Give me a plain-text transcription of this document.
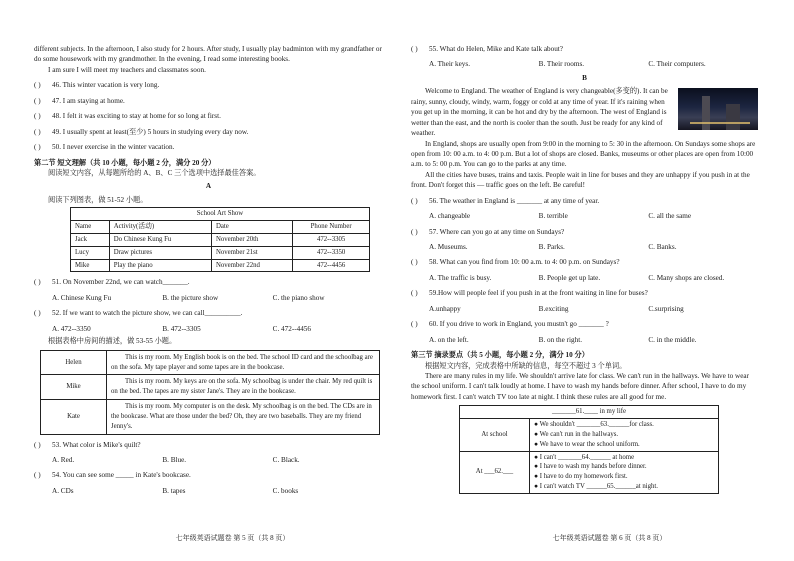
different subjects. In the afternoon, I also study for 2 hours. After study, I usually play badminton with my grandfather or do some housework with my grandmother. In the evening, I read some interesting books.

I am sure I will meet my teachers and classmates soon.

( )	46. This winter vacation is very long.
( )	47. I am staying at home.
( )	48. I felt it was exciting to stay at home for so long at first.
( )	49. I usually spent at least(至少) 5 hours in studying every day now.
( )	50. I never exercise in the winter vacation.

第二节 短文理解（共 10 小题，每小题 2 分，满分 20 分）

阅读短文内容，从每题所给的 A、B、C 三个选项中选择最佳答案。

A

阅读下列图表，做 51-52 小题。

School Art Show			
Name	Activity(活动)	Date	Phone Number
Jack	Do Chinese Kung Fu	November 20th	472--3305
Lucy	Draw pictures	November 21st	472--3350
Mike	Play the piano	November 22nd	472--4456
( )	51. On November 22nd, we can watch_______.
A. Chinese Kung Fu	B. the picture show	C. the piano show
( )	52. If we want to watch the picture show, we can call__________.
A. 472--3350	B. 472--3305	C. 472--4456

根据表格中房间的描述，做 53-55 小题。

Helen	This is my room. My English book is on the bed. The school ID card and the schoolbag are on the sofa. My tape player and some tapes are in the bookcase.
Mike	This is my room. My keys are on the sofa. My schoolbag is under the chair. My red quilt is on the bed. The tapes are my sister Jane's. They are in the bookcase.
Kate	This is my room. My computer is on the desk. My schoolbag is on the bed. The CDs are in the bookcase. What are those under the bed? Oh, they are two baseballs. They are my friend Jenny's.
( )	53. What color is Mike's quilt?
A. Red.	B. Blue.	C. Black.
( )	54. You can see some _____ in Kate's bookcase.
A. CDs	B. tapes	C. books
七年级英语试题卷 第 5 页（共 8 页）
( )	55. What do Helen, Mike and Kate talk about?
A. Their keys.	B. Their rooms.	C. Their computers.

B

Welcome to England. The weather of England is very changeable(多变的). It can be rainy, sunny, cloudy, windy, warm, foggy or cold at any time of year. If it's raining when you get up in the morning, it can be hot and dry by the afternoon. The west of England is wetter than the east, and the north is cooler than the south. Just be ready for any kind of weather.

In England, shops are usually open from 9:00 in the morning to 5: 30 in the afternoon. On Sundays some shops are open from 10: 00 a.m. to 4: 00 p.m. But a lot of shops are closed. Banks, museums or other places are open from 10:00 a.m. to 5: 00 p.m. You can go to the parks at any time.

All the cities have buses, trains and taxis. People wait in line for buses and they are unhappy if you push in at the front. Don't forget this — traffic goes on the left. Be careful!

( )	56. The weather in England is _______ at any time of year.
A. changeable	B. terrible	C. all the same
( )	57. Where can you go at any time on Sundays?
A. Museums.	B. Parks.	C. Banks.
( )	58. What can you find from 10: 00 a.m. to 4: 00 p.m. on Sundays?
A. The traffic is busy.	B. People get up late.	C. Many shops are closed.
( )	59.How will people feel if you push in at the front waiting in line for buses?
A.unhappy	B.exciting	C.surprising
( )	60. If you drive to work in England, you mustn't go _______ ?
A. on the left.	B. on the right.	C. in the middle.

第三节 摘录要点（共 5 小题，每小题 2 分，满分 10 分）

根据短文内容，完成表格中所缺的信息，每空不超过 3 个单词。

There are many rules in my life. We shouldn't arrive late for class. We can't run in the hallways. We have to wear the school uniform. I can't talk loudly at home. I have to wash my hands before dinner. After school, I have to do my homework first. I can't watch TV too late at night. I think these rules are all good for me.

_______61.____ in my life	
At school	● We shouldn't _______63.______for class.
● We can't run in the hallways.
● We have to wear the school uniform.

At ___62.___	● I can't _______64.______ at home
● I have to wash my hands before dinner.
● I have to do my homework first.
● I can't watch TV ______65.______at night.
七年级英语试题卷 第 6 页（共 8 页）
